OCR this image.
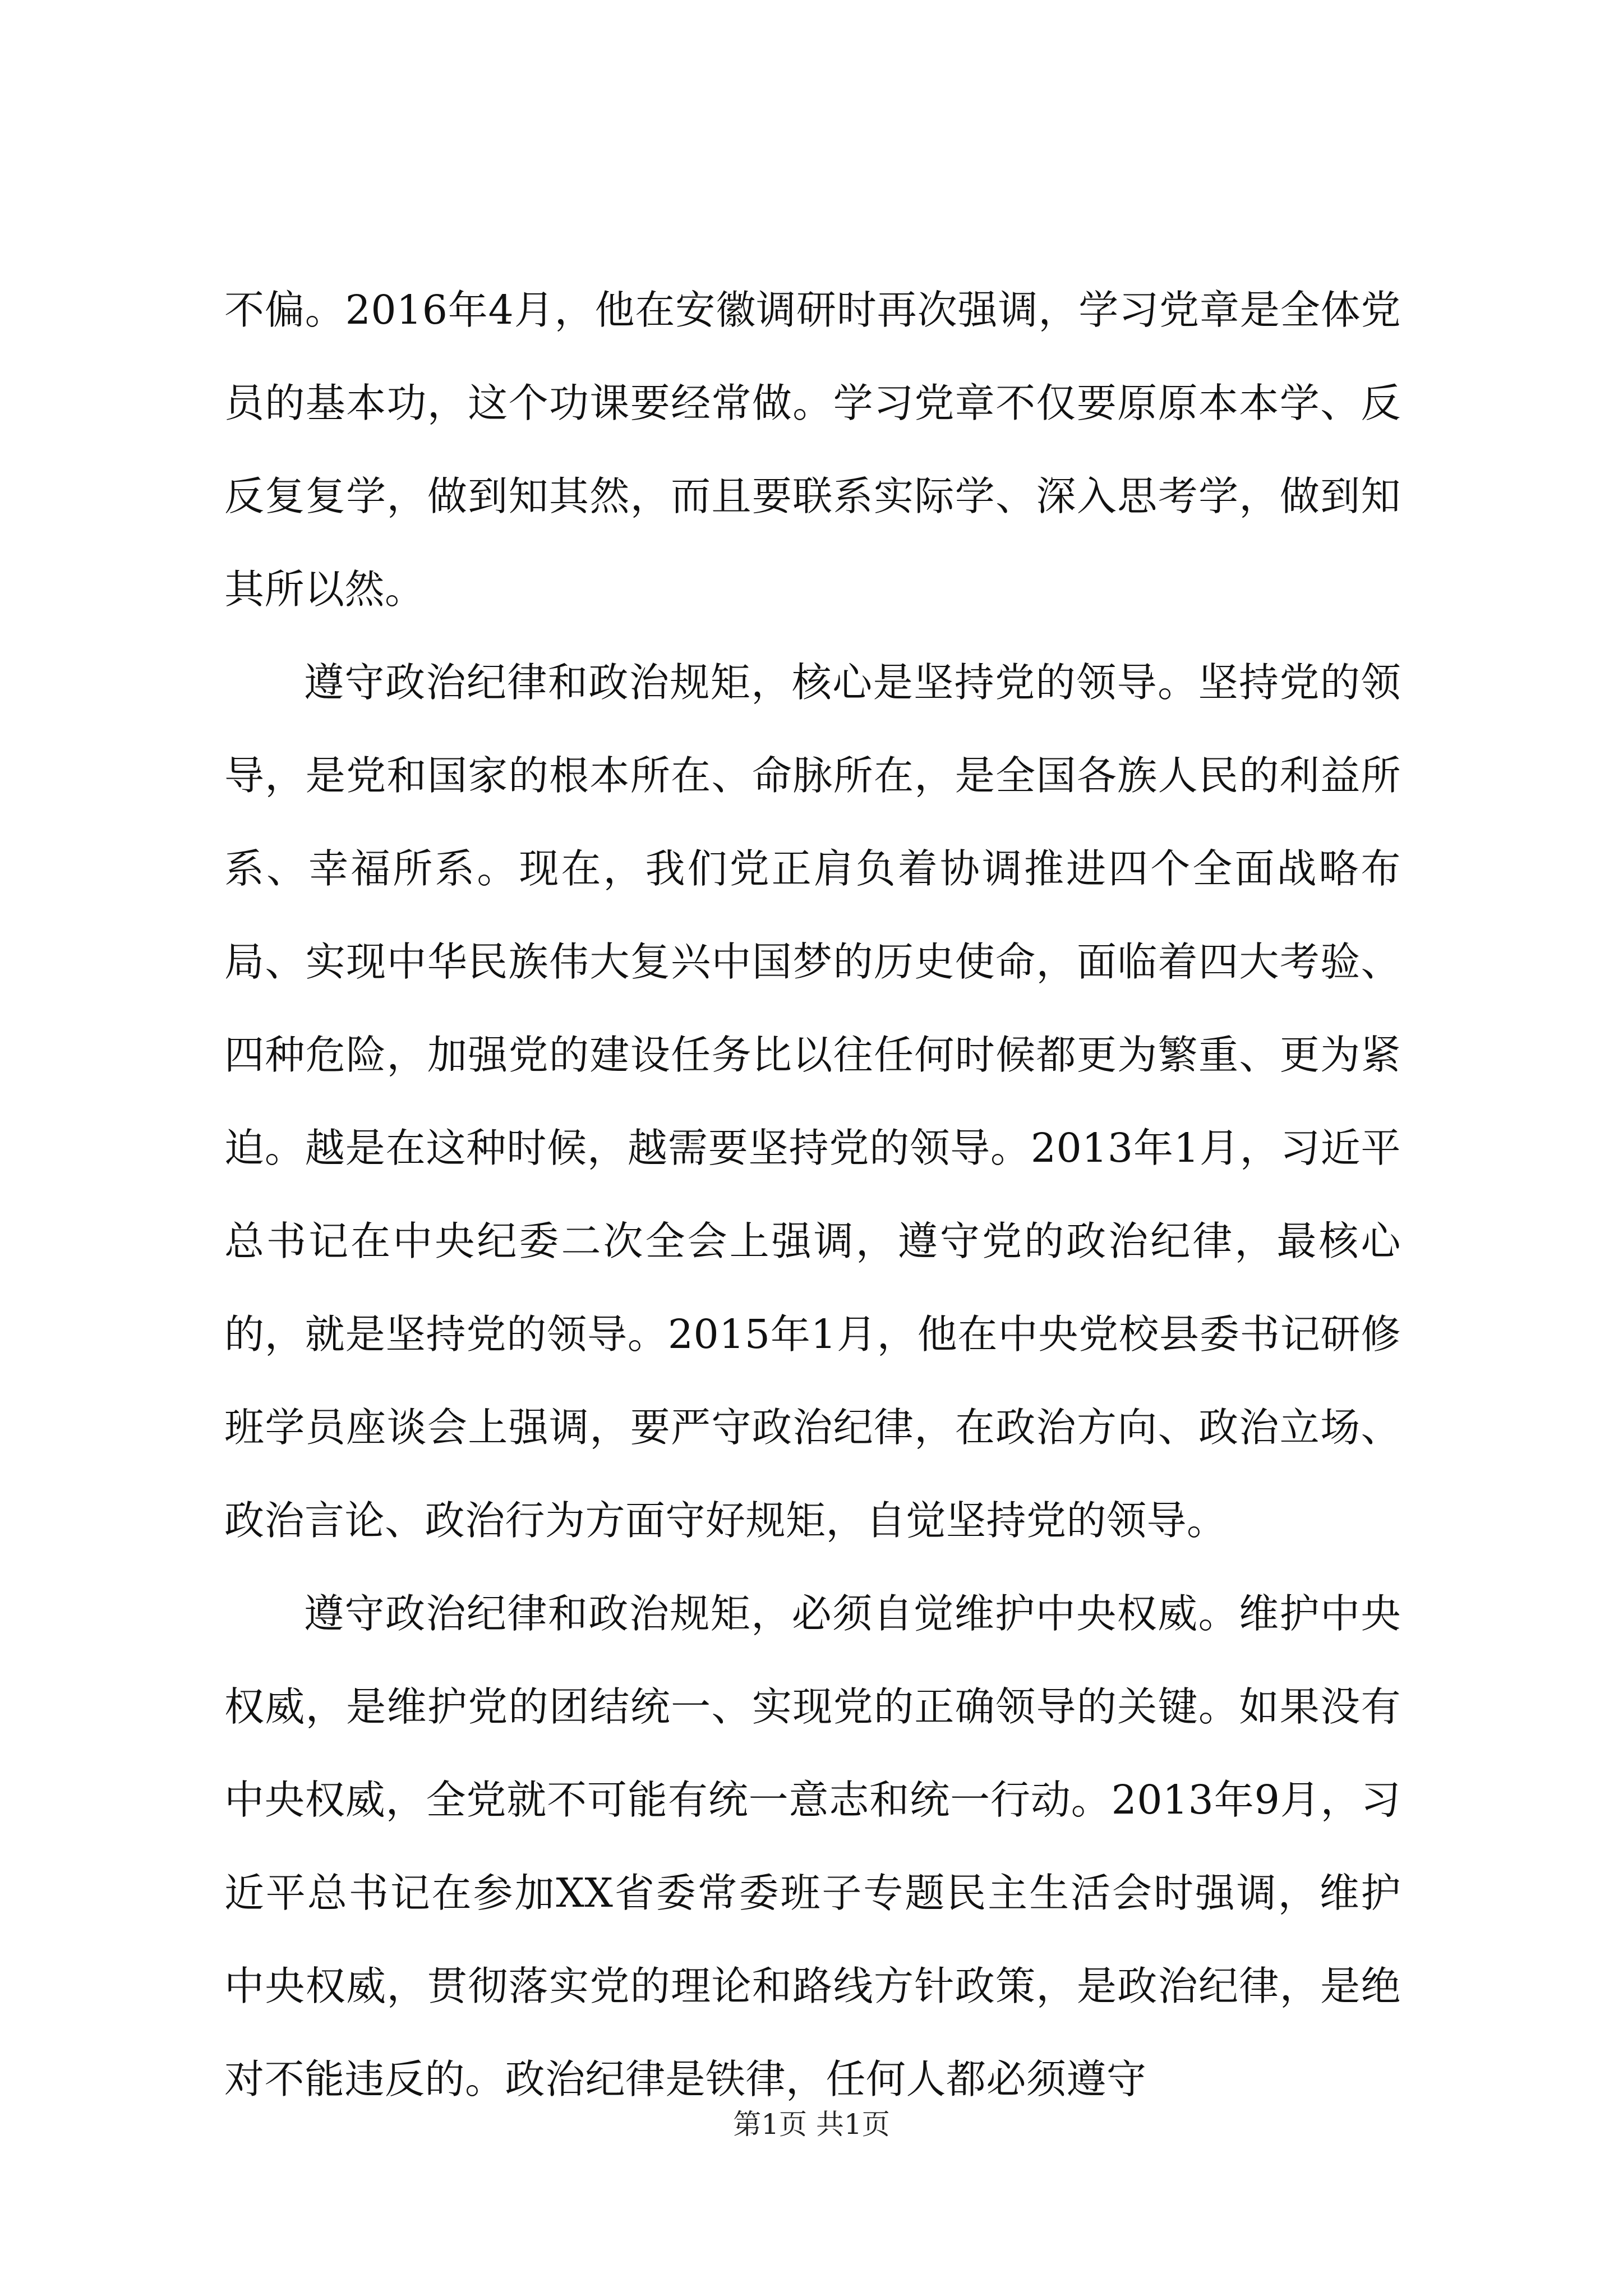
不偏。2016年4月，他在安徽调研时再次强调，学习党章是全体党员的基本功，这个功课要经常做。学习党章不仅要原原本本学、反反复复学，做到知其然，而且要联系实际学、深入思考学，做到知其所以然。

遵守政治纪律和政治规矩，核心是坚持党的领导。坚持党的领导，是党和国家的根本所在、命脉所在，是全国各族人民的利益所系、幸福所系。现在，我们党正肩负着协调推进四个全面战略布局、实现中华民族伟大复兴中国梦的历史使命，面临着四大考验、四种危险，加强党的建设任务比以往任何时候都更为繁重、更为紧迫。越是在这种时候，越需要坚持党的领导。2013年1月，习近平总书记在中央纪委二次全会上强调，遵守党的政治纪律，最核心的，就是坚持党的领导。2015年1月，他在中央党校县委书记研修班学员座谈会上强调，要严守政治纪律，在政治方向、政治立场、政治言论、政治行为方面守好规矩，自觉坚持党的领导。

遵守政治纪律和政治规矩，必须自觉维护中央权威。维护中央权威，是维护党的团结统一、实现党的正确领导的关键。如果没有中央权威，全党就不可能有统一意志和统一行动。2013年9月，习近平总书记在参加XX省委常委班子专题民主生活会时强调，维护中央权威，贯彻落实党的理论和路线方针政策，是政治纪律，是绝对不能违反的。政治纪律是铁律，任何人都必须遵守

第1页 共1页
